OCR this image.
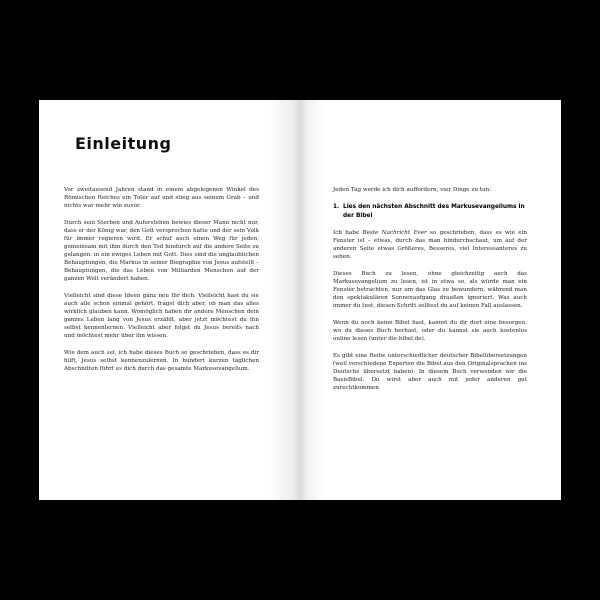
Einleitung

Vor zweitausend Jahren stand in einem abgelegenen Winkel des Römischen Reiches ein Toter auf und stieg aus seinem Grab – und nichts war mehr wie zuvor.

Durch sein Sterben und Auferstehen bewies dieser Mann nicht nur, dass er der König war, den Gott versprochen hatte und der sein Volk für immer regieren wird. Er schuf auch einen Weg für jeden, gemeinsam mit ihm durch den Tod hindurch auf die andere Seite zu gelangen: in ein ewiges Leben mit Gott. Dies sind die unglaublichen Behauptungen, die Markus in seiner Biographie von Jesus aufstellt – Behauptungen, die das Leben von Milliarden Menschen auf der ganzen Welt verändert haben.

Vielleicht sind diese Ideen ganz neu für dich. Vielleicht hast du sie auch alle schon einmal gehört, fragst dich aber, ob man das alles wirklich glauben kann. Womöglich haben dir andere Menschen dein ganzes Leben lang von Jesus erzählt, aber jetzt möchtest du ihn selbst kennenlernen. Vielleicht aber folgst du Jesus bereits nach und möchtest mehr über ihn wissen.

Wie dem auch sei, ich habe dieses Buch so geschrieben, dass es dir hilft, Jesus selbst kennenzulernen. In hundert kurzen täglichen Abschnitten führt es dich durch das gesamte Markusevangelium.

Jeden Tag werde ich dich auffordern, vier Dinge zu tun:

1. Lies den nächsten Abschnitt des Markusevangeliums in der Bibel

Ich habe Beste Nachricht Ever so geschrieben, dass es wie ein Fenster ist – etwas, durch das man hindurchschaut, um auf der anderen Seite etwas Größeres, Besseres, viel Interessanteres zu sehen.

Dieses Buch zu lesen, ohne gleichzeitig auch das Markusevangelium zu lesen, ist in etwa so, als würde man ein Fenster betrachten, nur um das Glas zu bewundern, während man den spektakulären Sonnenaufgang draußen ignoriert. Was auch immer du tust, diesen Schritt solltest du auf keinen Fall auslassen.

Wenn du noch keine Bibel hast, kannst du dir dort eine besorgen, wo du dieses Buch herhast, oder du kannst sie auch kostenlos online lesen (unter die-bibel.de).

Es gibt eine Reihe unterschiedlicher deutscher Bibelübersetzungen (weil verschiedene Experten die Bibel aus den Originalsprachen ins Deutsche übersetzt haben). In diesem Buch verwenden wir die BasisBibel. Du wirst aber auch mit jeder anderen gut zurechtkommen.
